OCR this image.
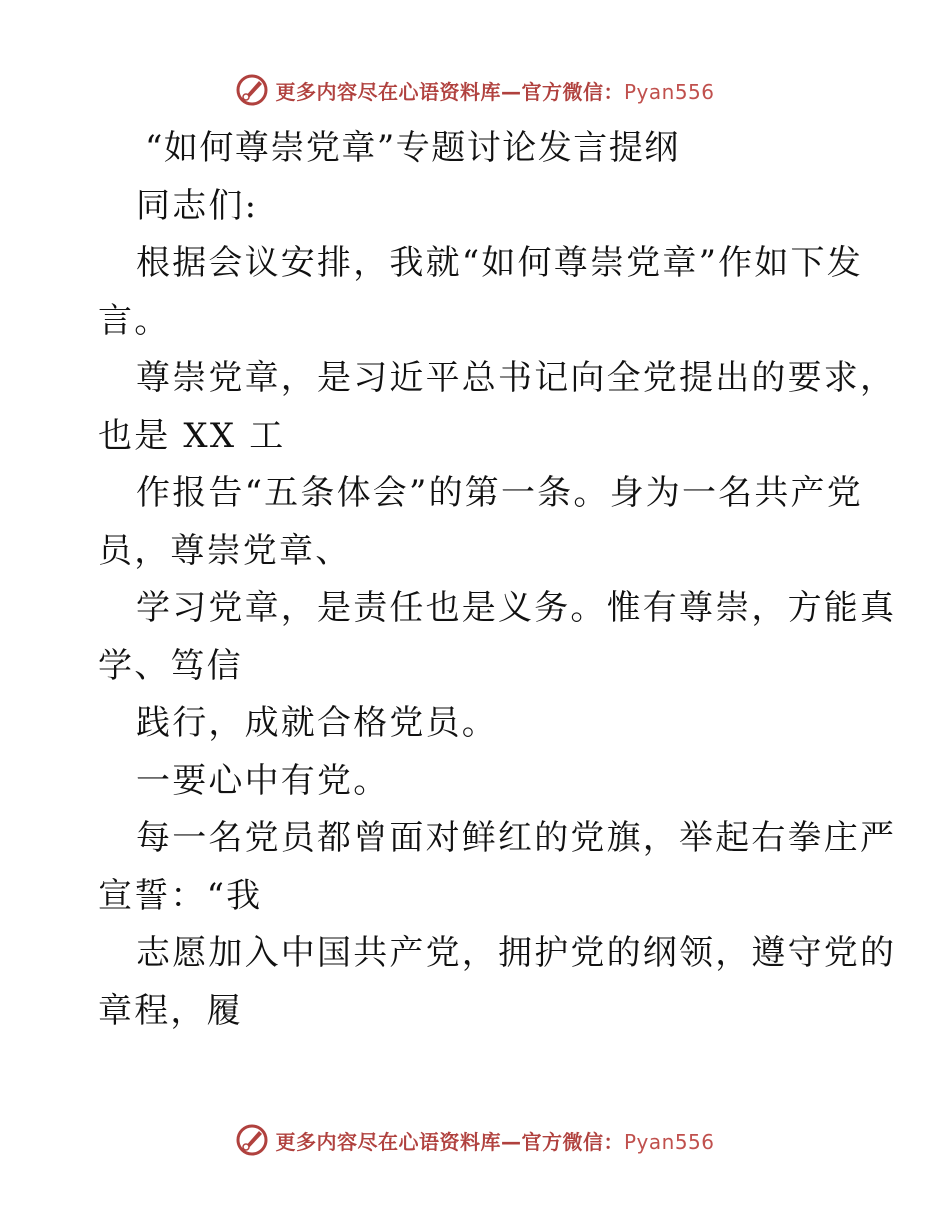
更多内容尽在心语资料库—官方微信：Pyan556
“如何尊崇党章”专题讨论发言提纲
同志们:
根据会议安排，我就“如何尊崇党章”作如下发
言。
尊崇党章，是习近平总书记向全党提出的要求，
也是 XX 工
作报告“五条体会”的第一条。身为一名共产党
员，尊崇党章、
学习党章，是责任也是义务。惟有尊崇，方能真
学、笃信
践行，成就合格党员。
一要心中有党。
每一名党员都曾面对鲜红的党旗，举起右拳庄严
宣誓：“我
志愿加入中国共产党，拥护党的纲领，遵守党的
章程，履
更多内容尽在心语资料库—官方微信：Pyan556
